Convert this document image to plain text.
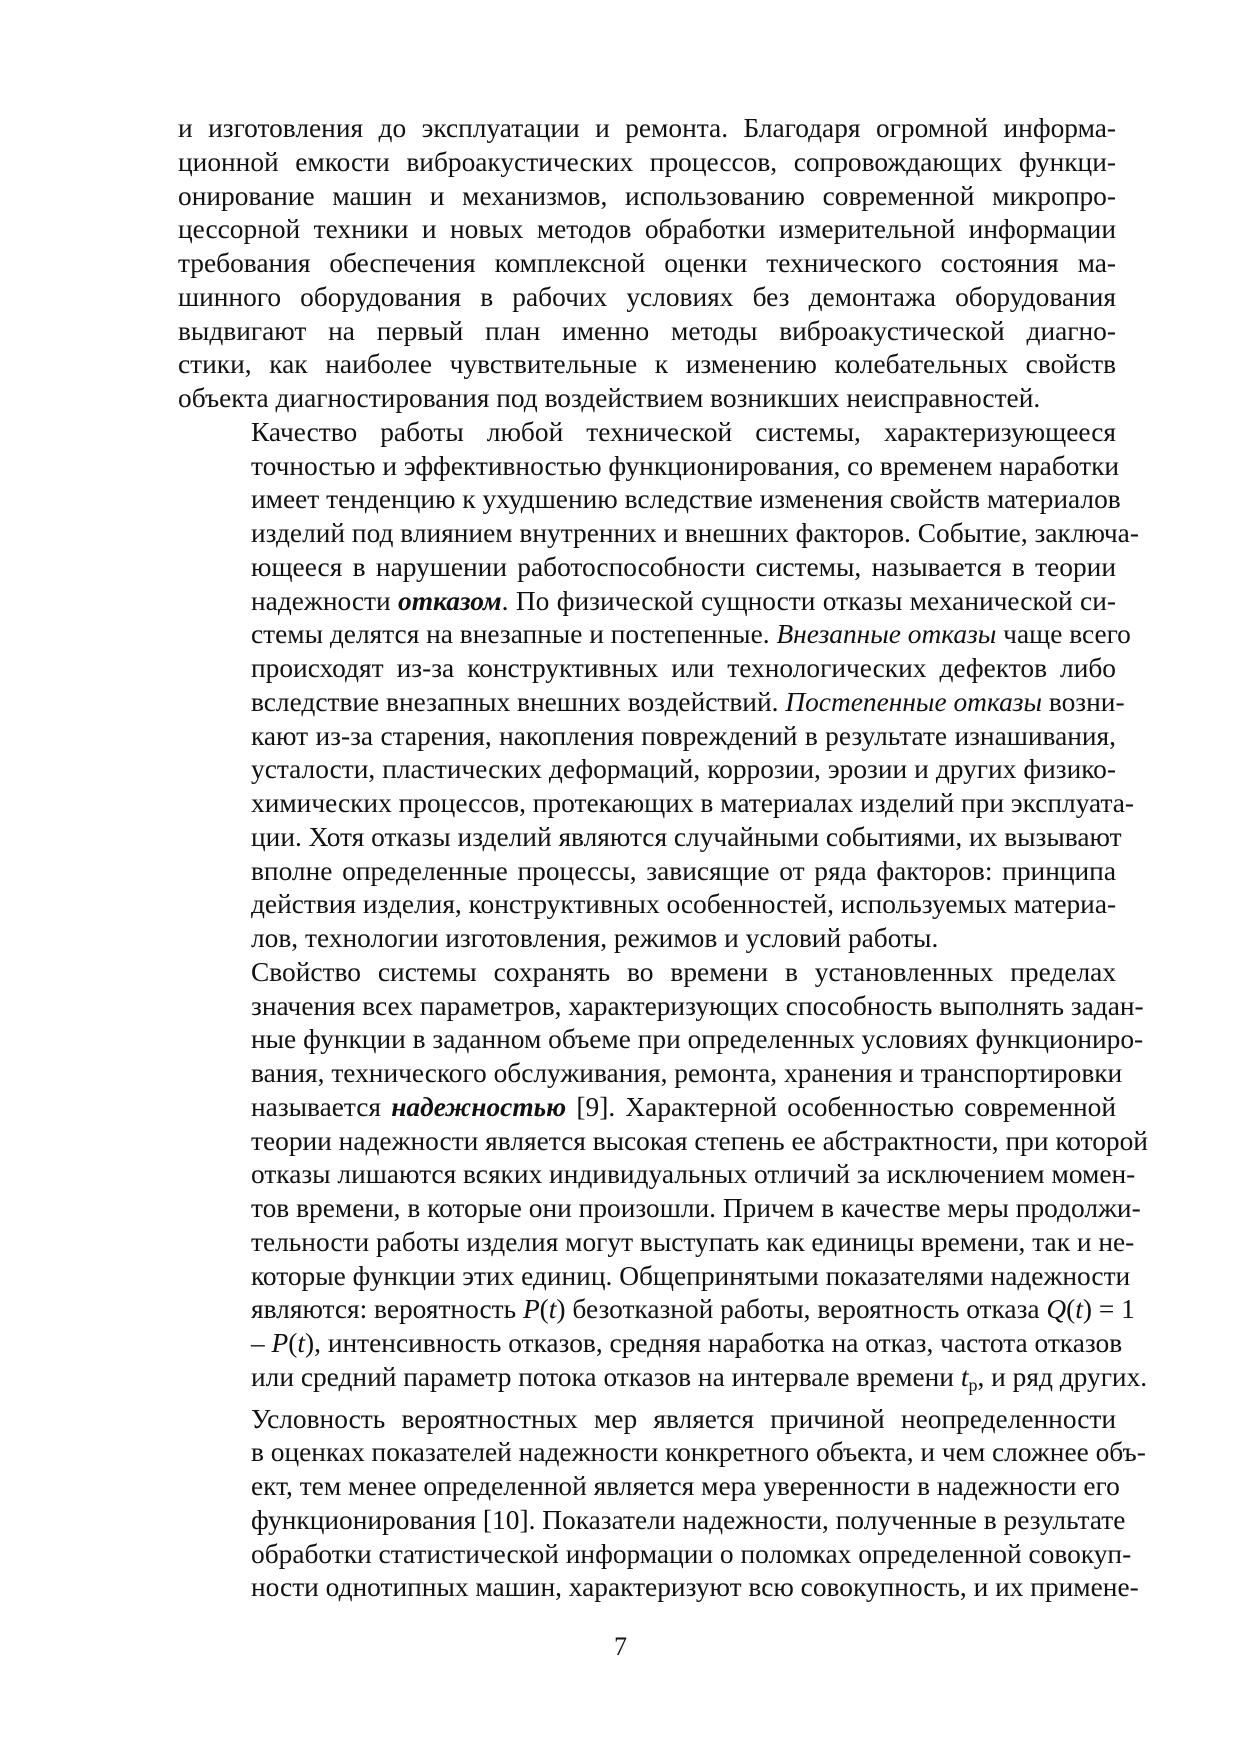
и изготовления до эксплуатации и ремонта. Благодаря огромной информа-
ционной емкости виброакустических процессов, сопровождающих функци-
онирование машин и механизмов, использованию современной микропро-
цессорной техники и новых методов обработки измерительной информации
требования обеспечения комплексной оценки технического состояния ма-
шинного оборудования в рабочих условиях без демонтажа оборудования
выдвигают на первый план именно методы виброакустической диагно-
стики, как наиболее чувствительные к изменению колебательных свойств
объекта диагностирования под воздействием возникших неисправностей.

Качество работы любой технической системы, характеризующееся
точностью и эффективностью функционирования, со временем наработки
имеет тенденцию к ухудшению вследствие изменения свойств материалов
изделий под влиянием внутренних и внешних факторов. Событие, заключа-
ющееся в нарушении работоспособности системы, называется в теории
надежности отказом. По физической сущности отказы механической си-
стемы делятся на внезапные и постепенные. Внезапные отказы чаще всего
происходят из-за конструктивных или технологических дефектов либо
вследствие внезапных внешних воздействий. Постепенные отказы возни-
кают из-за старения, накопления повреждений в результате изнашивания,
усталости, пластических деформаций, коррозии, эрозии и других физико-
химических процессов, протекающих в материалах изделий при эксплуата-
ции. Хотя отказы изделий являются случайными событиями, их вызывают
вполне определенные процессы, зависящие от ряда факторов: принципа
действия изделия, конструктивных особенностей, используемых материа-
лов, технологии изготовления, режимов и условий работы.

Свойство системы сохранять во времени в установленных пределах
значения всех параметров, характеризующих способность выполнять задан-
ные функции в заданном объеме при определенных условиях функциониро-
вания, технического обслуживания, ремонта, хранения и транспортировки
называется надежностью [9]. Характерной особенностью современной
теории надежности является высокая степень ее абстрактности, при которой
отказы лишаются всяких индивидуальных отличий за исключением момен-
тов времени, в которые они произошли. Причем в качестве меры продолжи-
тельности работы изделия могут выступать как единицы времени, так и не-
которые функции этих единиц. Общепринятыми показателями надежности
являются: вероятность P(t) безотказной работы, вероятность отказа Q(t) = 1
– P(t), интенсивность отказов, средняя наработка на отказ, частота отказов
или средний параметр потока отказов на интервале времени $t_р$, и ряд других.

Условность вероятностных мер является причиной неопределенности
в оценках показателей надежности конкретного объекта, и чем сложнее объ-
ект, тем менее определенной является мера уверенности в надежности его
функционирования [10]. Показатели надежности, полученные в результате
обработки статистической информации о поломках определенной совокуп-
ности однотипных машин, характеризуют всю совокупность, и их примене-

7
